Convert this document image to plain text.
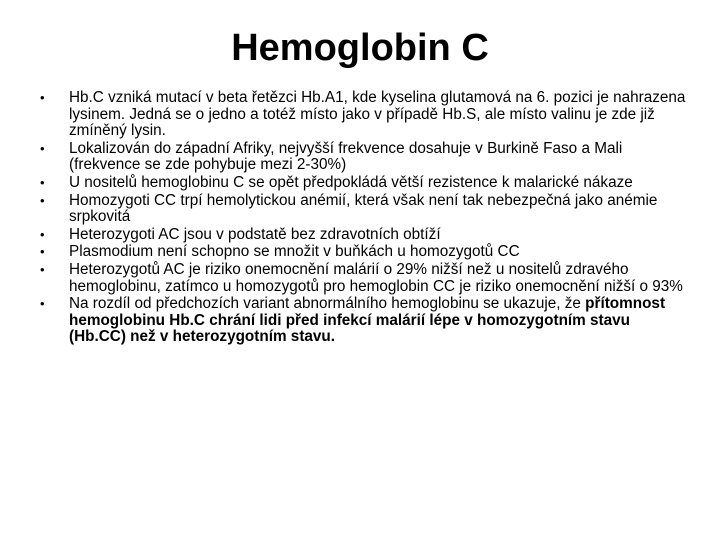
Hemoglobin C
•	Hb.C vzniká mutací v beta řetězci Hb.A1, kde kyselina glutamová na 6. pozici je nahrazena lysinem. Jedná se o jedno a totéž místo jako v případě Hb.S, ale místo valinu je zde již zmíněný lysin.
•	Lokalizován do západní Afriky, nejvyšší frekvence dosahuje v Burkině Faso a Mali (frekvence se zde pohybuje mezi 2-30%)
•	U nositelů hemoglobinu C se opět předpokládá větší rezistence k malarické nákaze
•	Homozygoti CC trpí hemolytickou anémií, která však není tak nebezpečná jako anémie srpkovitá
•	Heterozygoti AC jsou v podstatě bez zdravotních obtíží
•	Plasmodium není schopno se množit v buňkách u homozygotů CC
•	Heterozygotů AC je riziko onemocnění malárií o 29% nižší než u nositelů zdravého hemoglobinu, zatímco u homozygotů pro hemoglobin CC je riziko onemocnění nižší o 93%
•	Na rozdíl od předchozích variant abnormálního hemoglobinu se ukazuje, že přítomnost hemoglobinu Hb.C chrání lidi před infekcí malárií lépe v homozygotním stavu (Hb.CC) než v heterozygotním stavu.
